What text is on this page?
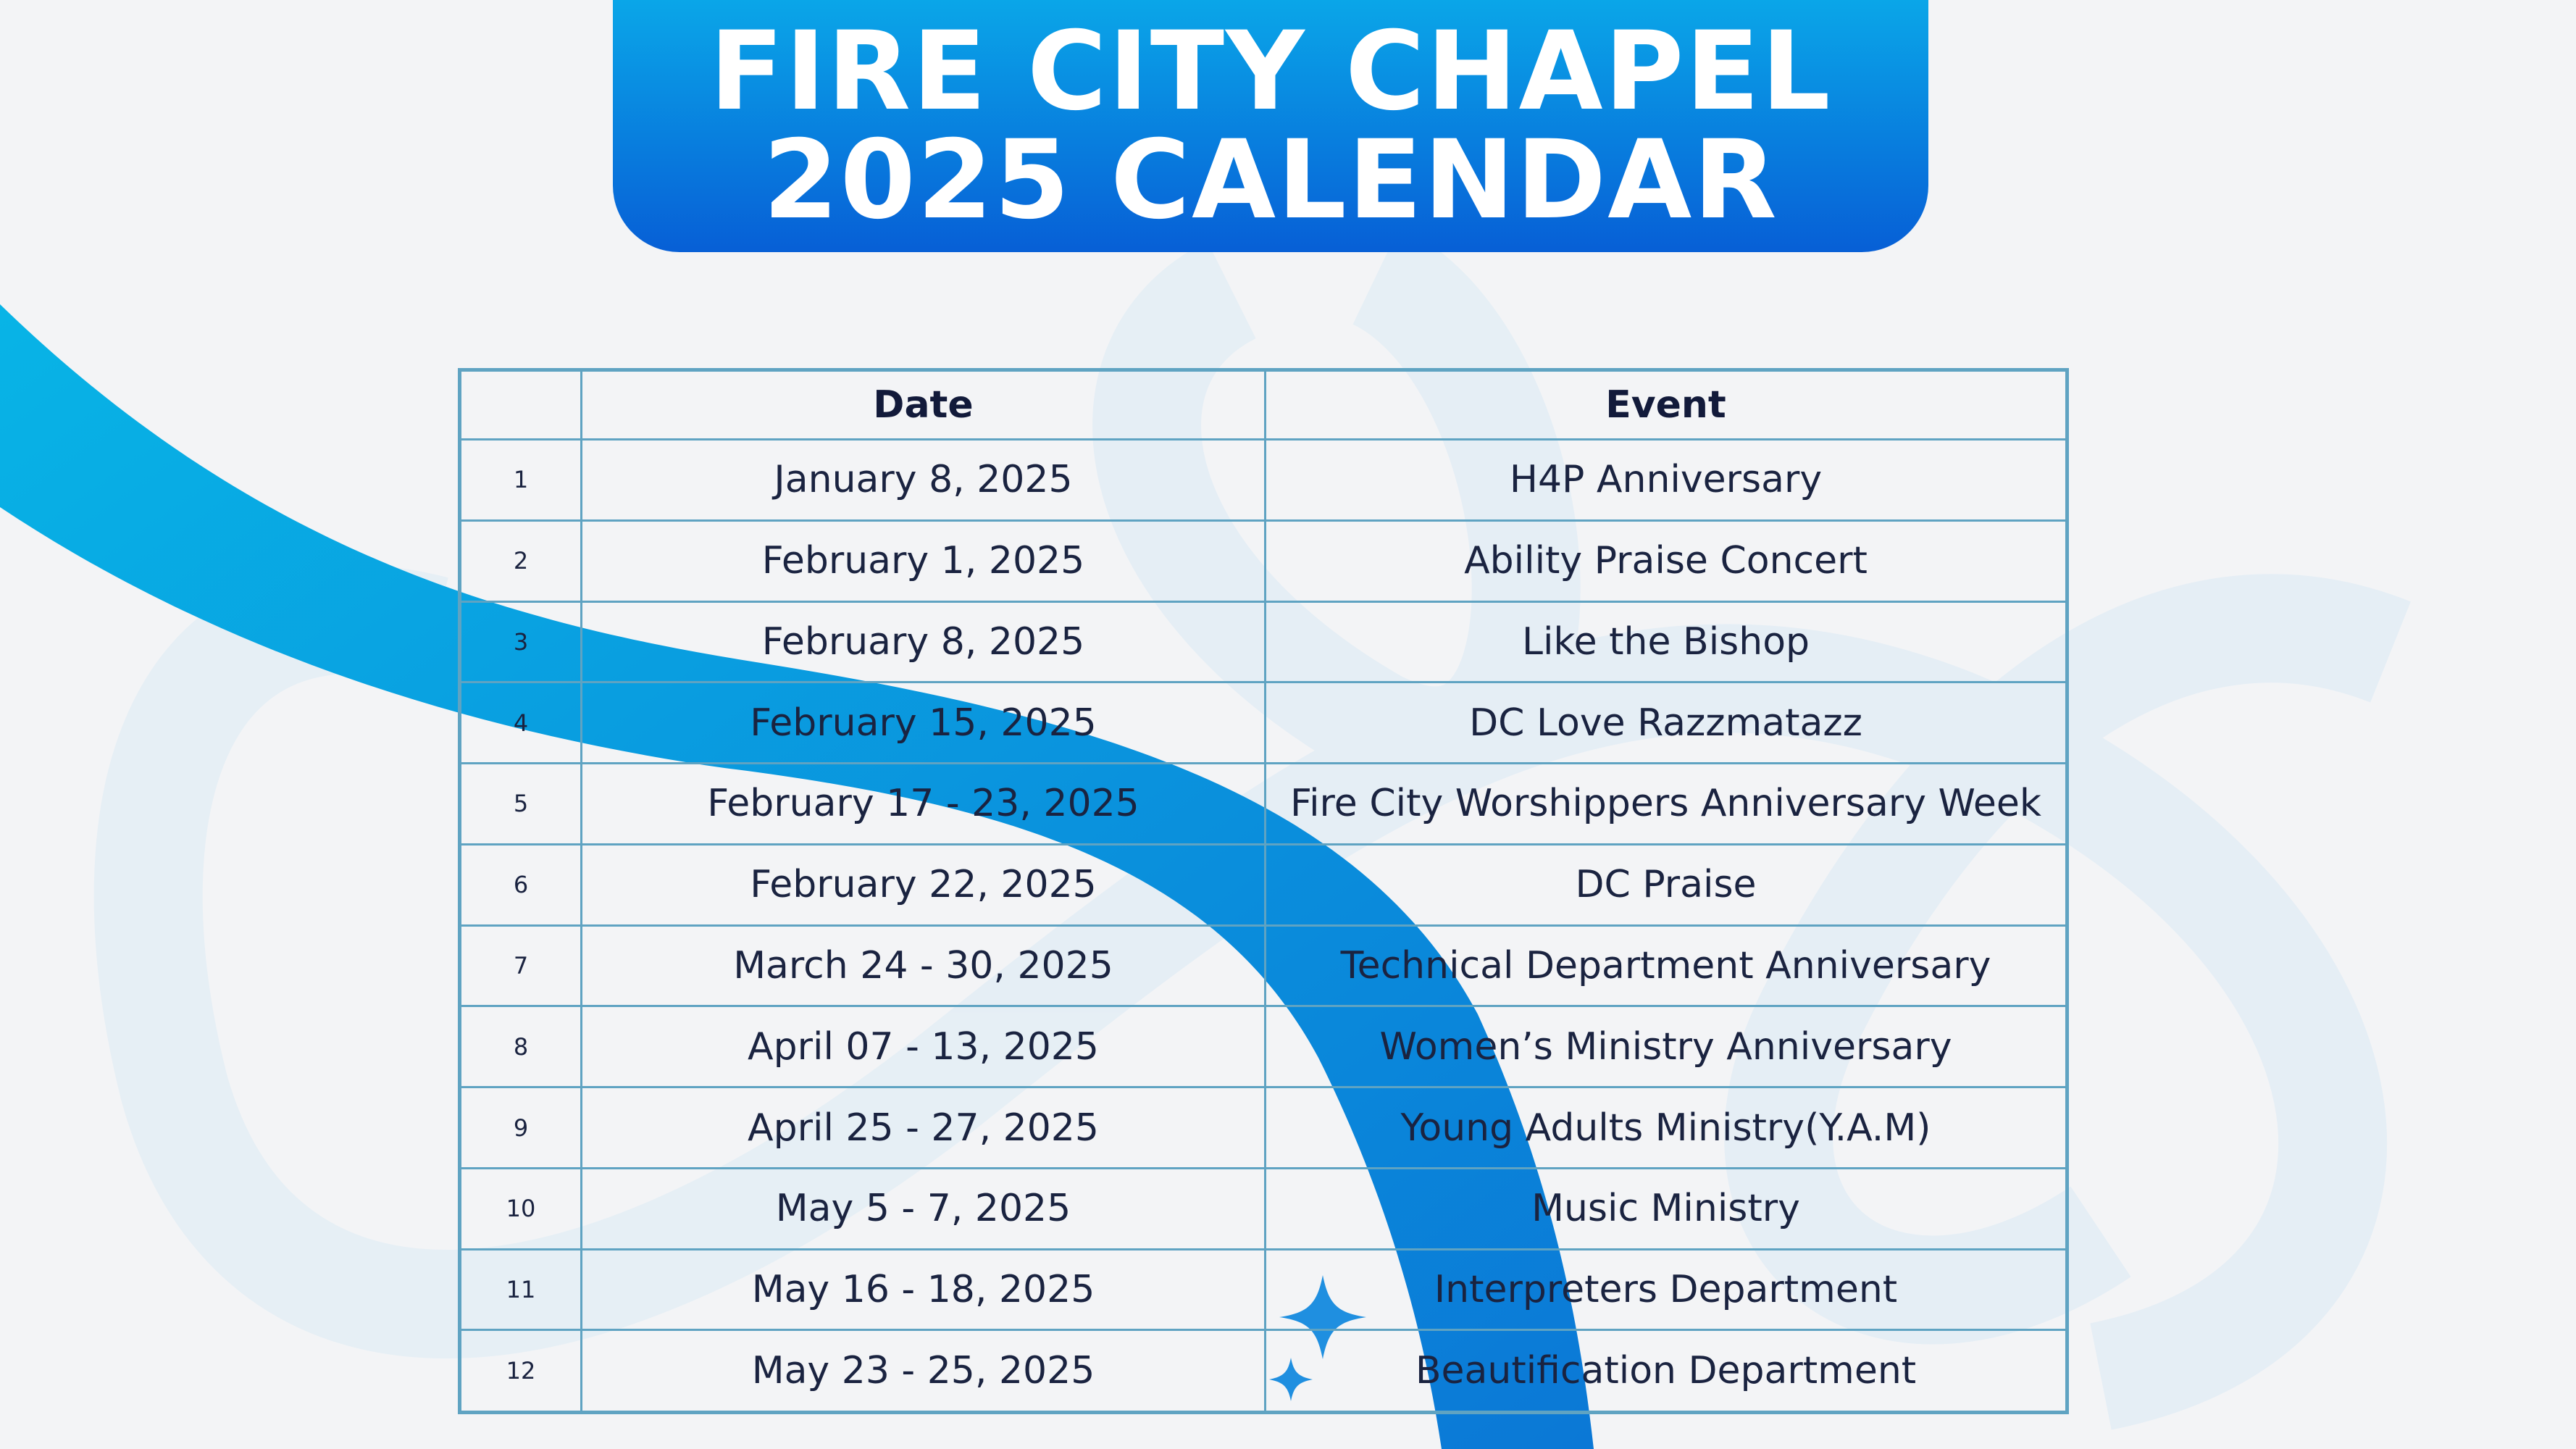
FIRE CITY CHAPEL
2025 CALENDAR
	Date	Event
1	January 8, 2025	H4P Anniversary
2	February 1, 2025	Ability Praise Concert
3	February 8, 2025	Like the Bishop
4	February 15, 2025	DC Love Razzmatazz
5	February 17 - 23, 2025	Fire City Worshippers Anniversary Week
6	February 22, 2025	DC Praise
7	March 24 - 30, 2025	Technical Department Anniversary
8	April 07 - 13, 2025	Women’s Ministry Anniversary
9	April 25 - 27, 2025	Young Adults Ministry(Y.A.M)
10	May 5 - 7, 2025	Music Ministry
11	May 16 - 18, 2025	Interpreters Department
12	May 23 - 25, 2025	Beautification Department
